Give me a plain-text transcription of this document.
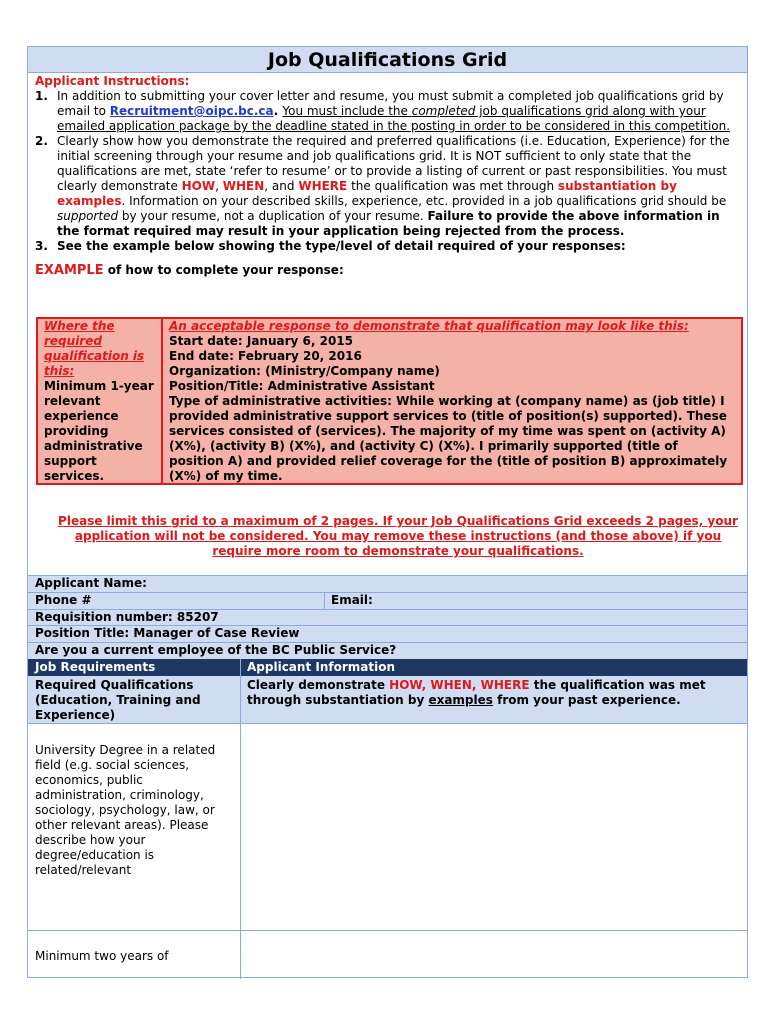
Job Qualifications Grid
Applicant Instructions:
1. In addition to submitting your cover letter and resume, you must submit a completed job qualifications grid by email to Recruitment@oipc.bc.ca. You must include the completed job qualifications grid along with your emailed application package by the deadline stated in the posting in order to be considered in this competition.
2. Clearly show how you demonstrate the required and preferred qualifications (i.e. Education, Experience) for the initial screening through your resume and job qualifications grid. It is NOT sufficient to only state that the qualifications are met, state ‘refer to resume’ or to provide a listing of current or past responsibilities. You must clearly demonstrate HOW, WHEN, and WHERE the qualification was met through substantiation by examples. Information on your described skills, experience, etc. provided in a job qualifications grid should be supported by your resume, not a duplication of your resume. Failure to provide the above information in the format required may result in your application being rejected from the process.
3. See the example below showing the type/level of detail required of your responses:
EXAMPLE of how to complete your response:
Where the required qualification is this:
Minimum 1-year relevant experience providing administrative support services.
An acceptable response to demonstrate that qualification may look like this:
Start date: January 6, 2015
End date: February 20, 2016
Organization: (Ministry/Company name)
Position/Title: Administrative Assistant
Type of administrative activities: While working at (company name) as (job title) I provided administrative support services to (title of position(s) supported). These services consisted of (services). The majority of my time was spent on (activity A) (X%), (activity B) (X%), and (activity C) (X%). I primarily supported (title of position A) and provided relief coverage for the (title of position B) approximately (X%) of my time.
Please limit this grid to a maximum of 2 pages. If your Job Qualifications Grid exceeds 2 pages, your application will not be considered. You may remove these instructions (and those above) if you require more room to demonstrate your qualifications.
Applicant Name:
Phone #	Email:
Requisition number: 85207
Position Title: Manager of Case Review
Are you a current employee of the BC Public Service?
Job Requirements	Applicant Information
Required Qualifications (Education, Training and Experience)
Clearly demonstrate HOW, WHEN, WHERE the qualification was met through substantiation by examples from your past experience.
University Degree in a related field (e.g. social sciences, economics, public administration, criminology, sociology, psychology, law, or other relevant areas). Please describe how your degree/education is related/relevant
Minimum two years of
